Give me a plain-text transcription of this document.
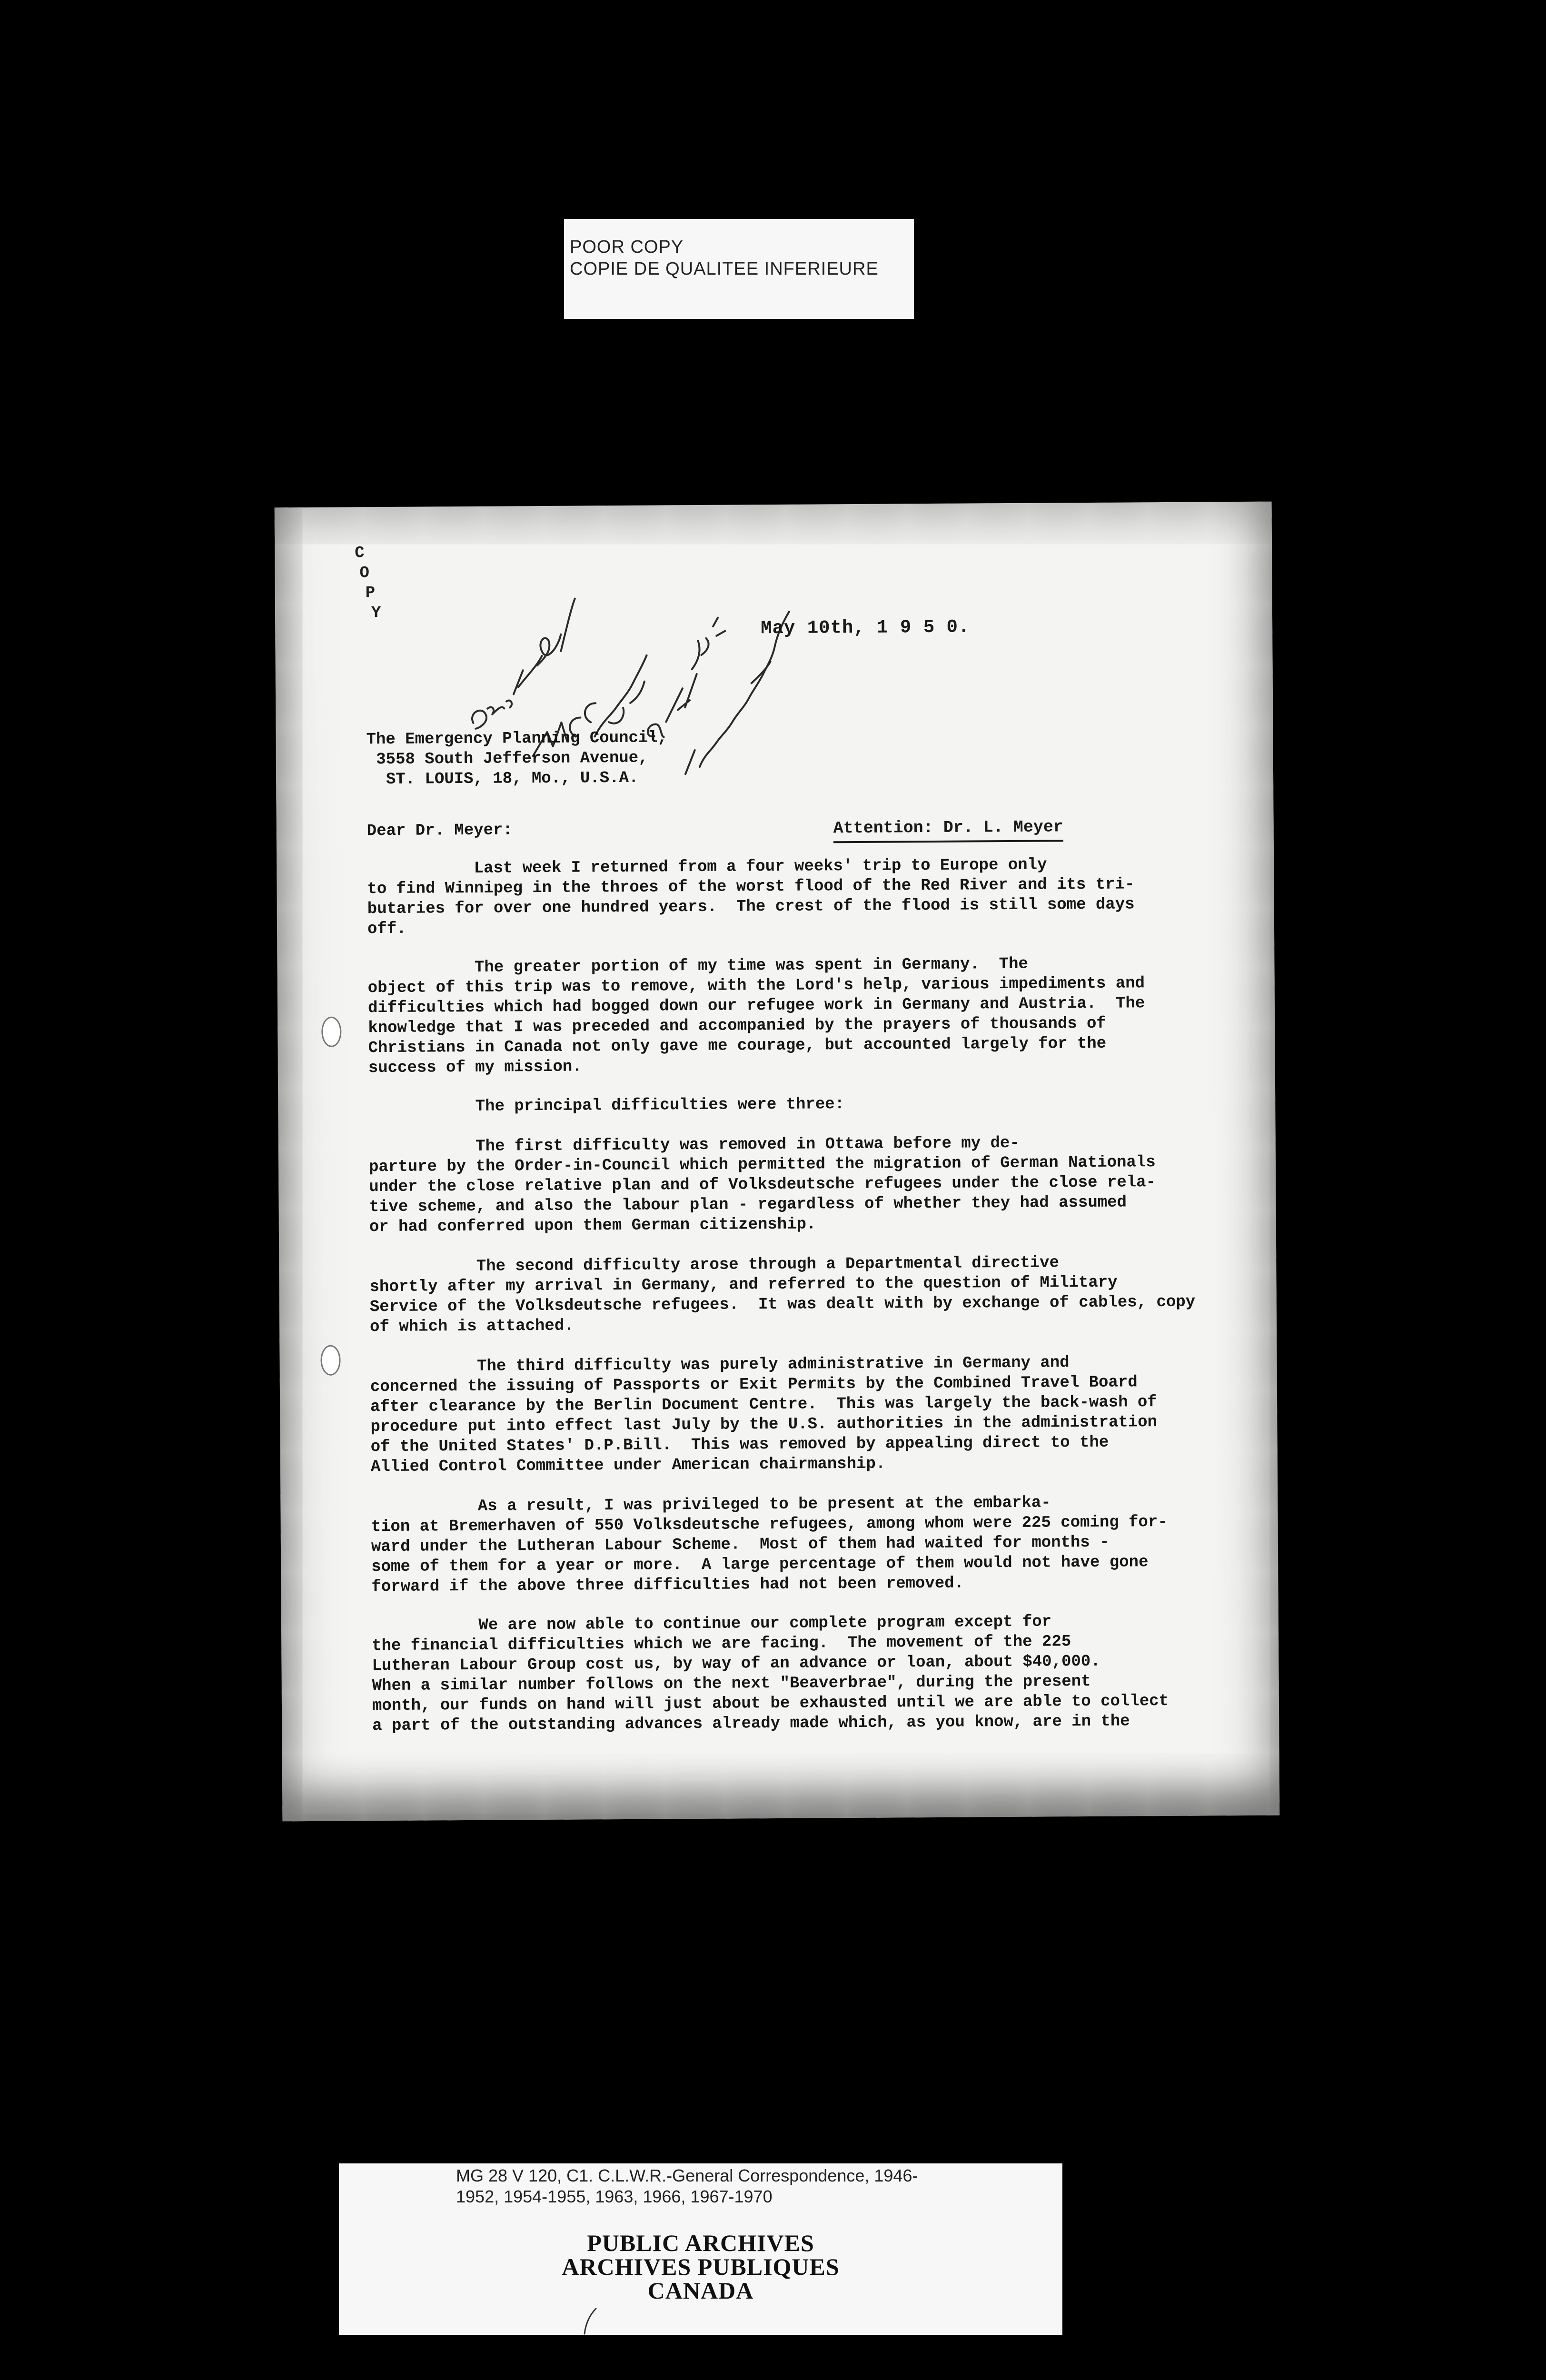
POOR COPY
COPIE DE QUALITEE INFERIEURE
C
O
P
Y
May 10th, 1 9 5 0.
The Emergency Planning Council,
3558 South Jefferson Avenue,
ST. LOUIS, 18, Mo., U.S.A.
Dear Dr. Meyer:	Attention: Dr. L. Meyer
Last week I returned from a four weeks' trip to Europe only
to find Winnipeg in the throes of the worst flood of the Red River and its tri-
butaries for over one hundred years.  The crest of the flood is still some days
off.
The greater portion of my time was spent in Germany.  The
object of this trip was to remove, with the Lord's help, various impediments and
difficulties which had bogged down our refugee work in Germany and Austria.  The
knowledge that I was preceded and accompanied by the prayers of thousands of
Christians in Canada not only gave me courage, but accounted largely for the
success of my mission.
The principal difficulties were three:
The first difficulty was removed in Ottawa before my de-
parture by the Order-in-Council which permitted the migration of German Nationals
under the close relative plan and of Volksdeutsche refugees under the close rela-
tive scheme, and also the labour plan - regardless of whether they had assumed
or had conferred upon them German citizenship.
The second difficulty arose through a Departmental directive
shortly after my arrival in Germany, and referred to the question of Military
Service of the Volksdeutsche refugees.  It was dealt with by exchange of cables, copy
of which is attached.
The third difficulty was purely administrative in Germany and
concerned the issuing of Passports or Exit Permits by the Combined Travel Board
after clearance by the Berlin Document Centre.  This was largely the back-wash of
procedure put into effect last July by the U.S. authorities in the administration
of the United States' D.P.Bill.  This was removed by appealing direct to the
Allied Control Committee under American chairmanship.
As a result, I was privileged to be present at the embarka-
tion at Bremerhaven of 550 Volksdeutsche refugees, among whom were 225 coming for-
ward under the Lutheran Labour Scheme.  Most of them had waited for months -
some of them for a year or more.  A large percentage of them would not have gone
forward if the above three difficulties had not been removed.
We are now able to continue our complete program except for
the financial difficulties which we are facing.  The movement of the 225
Lutheran Labour Group cost us, by way of an advance or loan, about $40,000.
When a similar number follows on the next "Beaverbrae", during the present
month, our funds on hand will just about be exhausted until we are able to collect
a part of the outstanding advances already made which, as you know, are in the
MG 28 V 120, C1. C.L.W.R.-General Correspondence, 1946-
1952, 1954-1955, 1963, 1966, 1967-1970
PUBLIC ARCHIVES
ARCHIVES PUBLIQUES
CANADA
